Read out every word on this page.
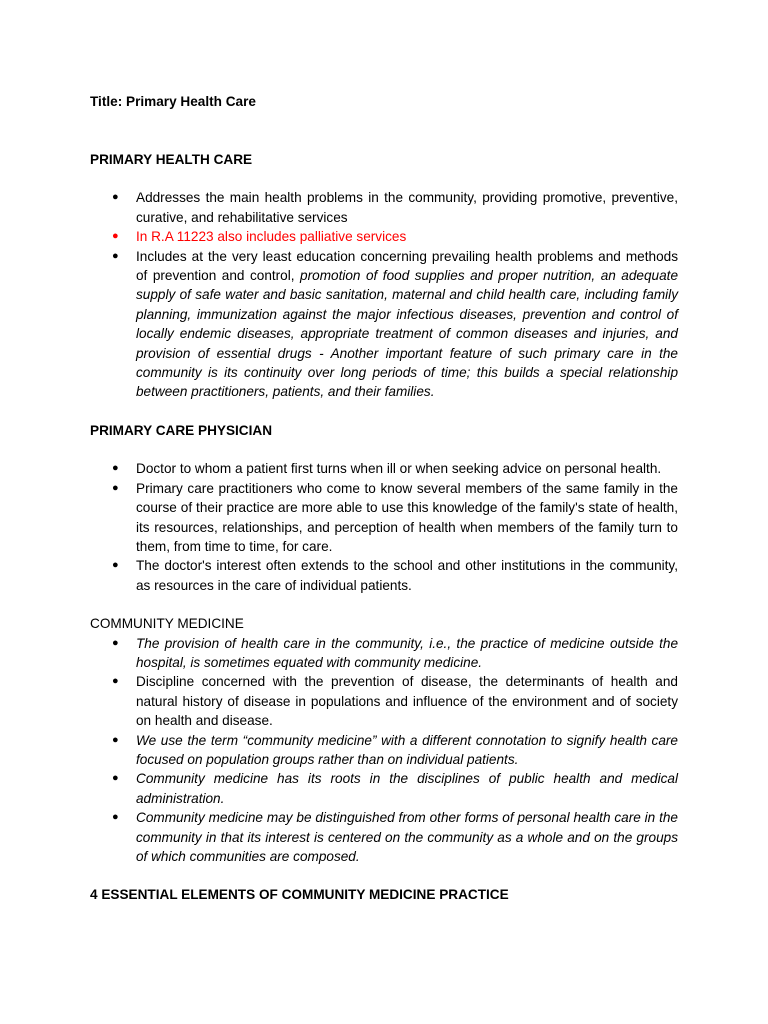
Title: Primary Health Care

PRIMARY HEALTH CARE

● Addresses the main health problems in the community, providing promotive, preventive, curative, and rehabilitative services
● In R.A 11223 also includes palliative services
● Includes at the very least education concerning prevailing health problems and methods of prevention and control, promotion of food supplies and proper nutrition, an adequate supply of safe water and basic sanitation, maternal and child health care, including family planning, immunization against the major infectious diseases, prevention and control of locally endemic diseases, appropriate treatment of common diseases and injuries, and provision of essential drugs - Another important feature of such primary care in the community is its continuity over long periods of time; this builds a special relationship between practitioners, patients, and their families.

PRIMARY CARE PHYSICIAN

● Doctor to whom a patient first turns when ill or when seeking advice on personal health.
● Primary care practitioners who come to know several members of the same family in the course of their practice are more able to use this knowledge of the family's state of health, its resources, relationships, and perception of health when members of the family turn to them, from time to time, for care.
● The doctor's interest often extends to the school and other institutions in the community, as resources in the care of individual patients.

COMMUNITY MEDICINE

● The provision of health care in the community, i.e., the practice of medicine outside the hospital, is sometimes equated with community medicine.
● Discipline concerned with the prevention of disease, the determinants of health and natural history of disease in populations and influence of the environment and of society on health and disease.
● We use the term “community medicine” with a different connotation to signify health care focused on population groups rather than on individual patients.
● Community medicine has its roots in the disciplines of public health and medical administration.
● Community medicine may be distinguished from other forms of personal health care in the community in that its interest is centered on the community as a whole and on the groups of which communities are composed.

4 ESSENTIAL ELEMENTS OF COMMUNITY MEDICINE PRACTICE
